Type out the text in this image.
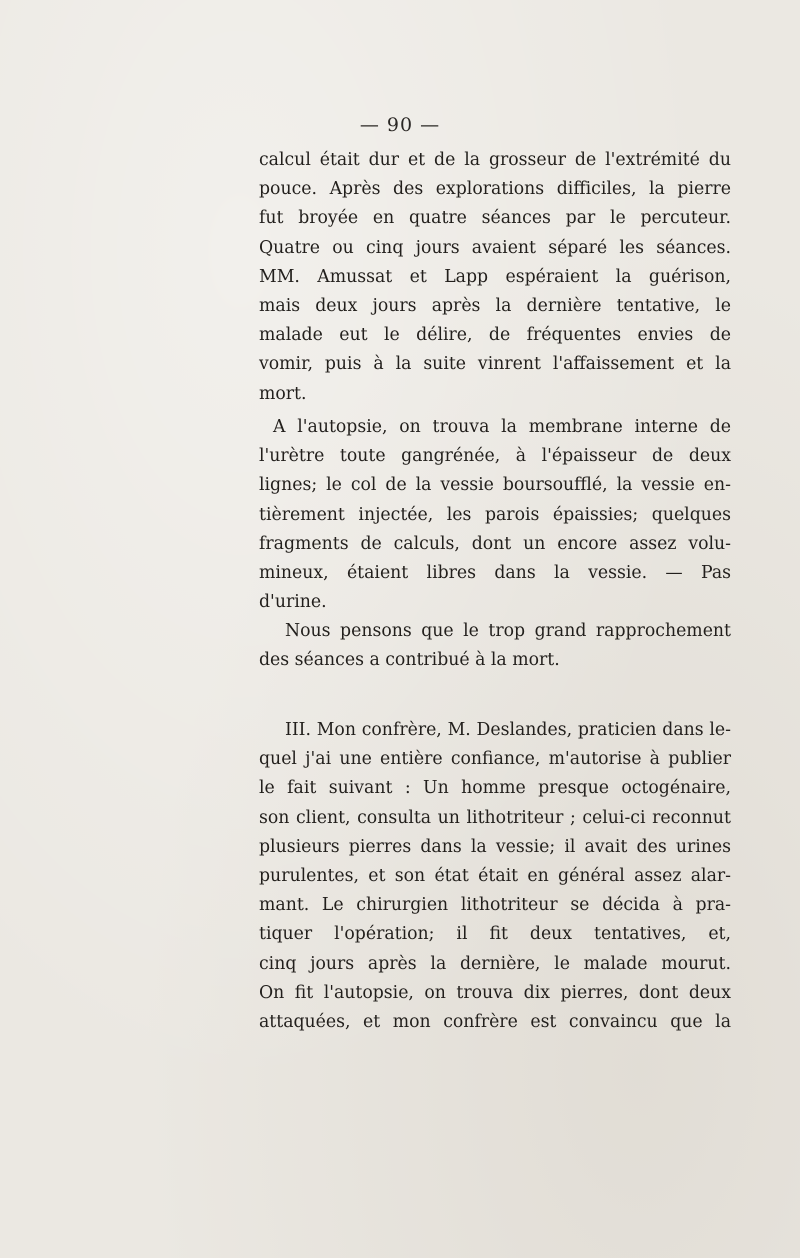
— 90 —
calcul était dur et de la grosseur de l'extrémité du
pouce. Après des explorations difficiles, la pierre
fut broyée en quatre séances par le percuteur.
Quatre ou cinq jours avaient séparé les séances.
MM. Amussat et Lapp espéraient la guérison,
mais deux jours après la dernière tentative, le
malade eut le délire, de fréquentes envies de
vomir, puis à la suite vinrent l'affaissement et la
mort.
A l'autopsie, on trouva la membrane interne de
l'urètre toute gangrénée, à l'épaisseur de deux
lignes; le col de la vessie boursoufflé, la vessie en-
tièrement injectée, les parois épaissies; quelques
fragments de calculs, dont un encore assez volu-
mineux, étaient libres dans la vessie. — Pas
d'urine.
Nous pensons que le trop grand rapprochement
des séances a contribué à la mort.
III. Mon confrère, M. Deslandes, praticien dans le-
quel j'ai une entière confiance, m'autorise à publier
le fait suivant : Un homme presque octogénaire,
son client, consulta un lithotriteur ; celui-ci reconnut
plusieurs pierres dans la vessie; il avait des urines
purulentes, et son état était en général assez alar-
mant. Le chirurgien lithotriteur se décida à pra-
tiquer l'opération; il fit deux tentatives, et,
cinq jours après la dernière, le malade mourut.
On fit l'autopsie, on trouva dix pierres, dont deux
attaquées, et mon confrère est convaincu que la
